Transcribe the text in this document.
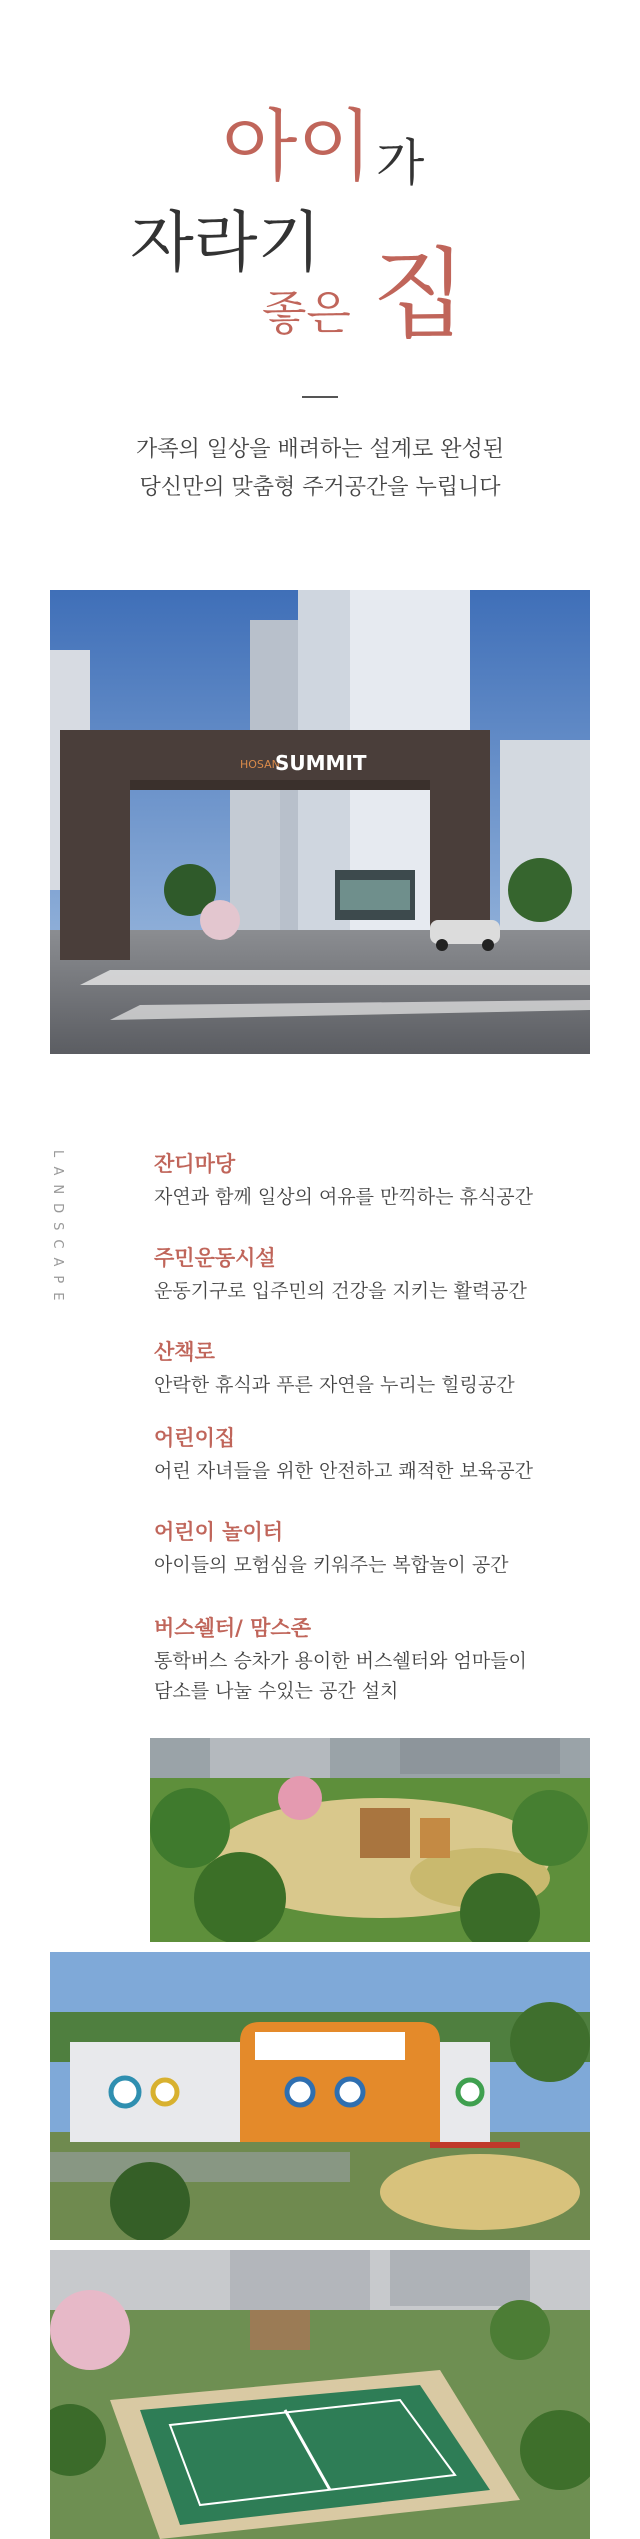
아이 가
자라기
좋은 집
가족의 일상을 배려하는 설계로 완성된
당신만의 맞춤형 주거공간을 누립니다
HOSAN
SUMMIT
LANDSCAPE	잔디마당
자연과 함께 일상의 여유를 만끽하는 휴식공간
주민운동시설
운동기구로 입주민의 건강을 지키는 활력공간
산책로
안락한 휴식과 푸른 자연을 누리는 힐링공간
어린이집
어린 자녀들을 위한 안전하고 쾌적한 보육공간
어린이 놀이터
아이들의 모험심을 키워주는 복합놀이 공간
버스쉘터/ 맘스존
통학버스 승차가 용이한 버스쉘터와 엄마들이
담소를 나눌 수있는 공간 설치
